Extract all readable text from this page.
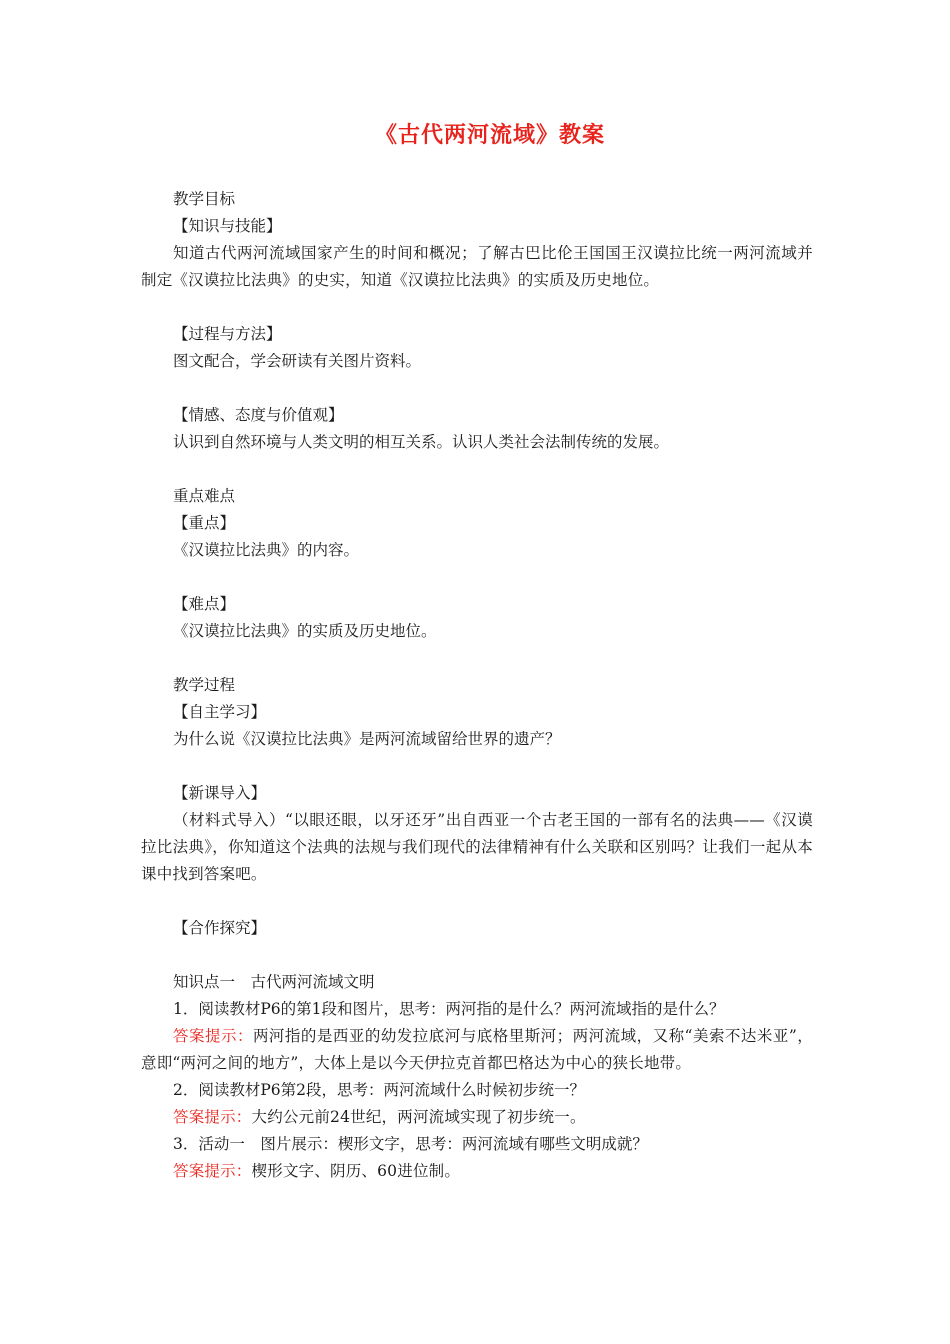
《古代两河流域》教案
教学目标
【知识与技能】
知道古代两河流域国家产生的时间和概况；了解古巴比伦王国国王汉谟拉比统一两河流域并制定《汉谟拉比法典》的史实，知道《汉谟拉比法典》的实质及历史地位。
【过程与方法】
图文配合，学会研读有关图片资料。
【情感、态度与价值观】
认识到自然环境与人类文明的相互关系。认识人类社会法制传统的发展。
重点难点
【重点】
《汉谟拉比法典》的内容。
【难点】
《汉谟拉比法典》的实质及历史地位。
教学过程
【自主学习】
为什么说《汉谟拉比法典》是两河流域留给世界的遗产？
【新课导入】
（材料式导入）“以眼还眼，以牙还牙”出自西亚一个古老王国的一部有名的法典——《汉谟拉比法典》，你知道这个法典的法规与我们现代的法律精神有什么关联和区别吗？让我们一起从本课中找到答案吧。
【合作探究】
知识点一　古代两河流域文明
1．阅读教材P6的第1段和图片，思考：两河指的是什么？两河流域指的是什么？
答案提示：两河指的是西亚的幼发拉底河与底格里斯河；两河流域，又称“美索不达米亚”，意即“两河之间的地方”，大体上是以今天伊拉克首都巴格达为中心的狭长地带。
2．阅读教材P6第2段，思考：两河流域什么时候初步统一？
答案提示：大约公元前24世纪，两河流域实现了初步统一。
3．活动一　图片展示：楔形文字，思考：两河流域有哪些文明成就？
答案提示：楔形文字、阴历、60进位制。
